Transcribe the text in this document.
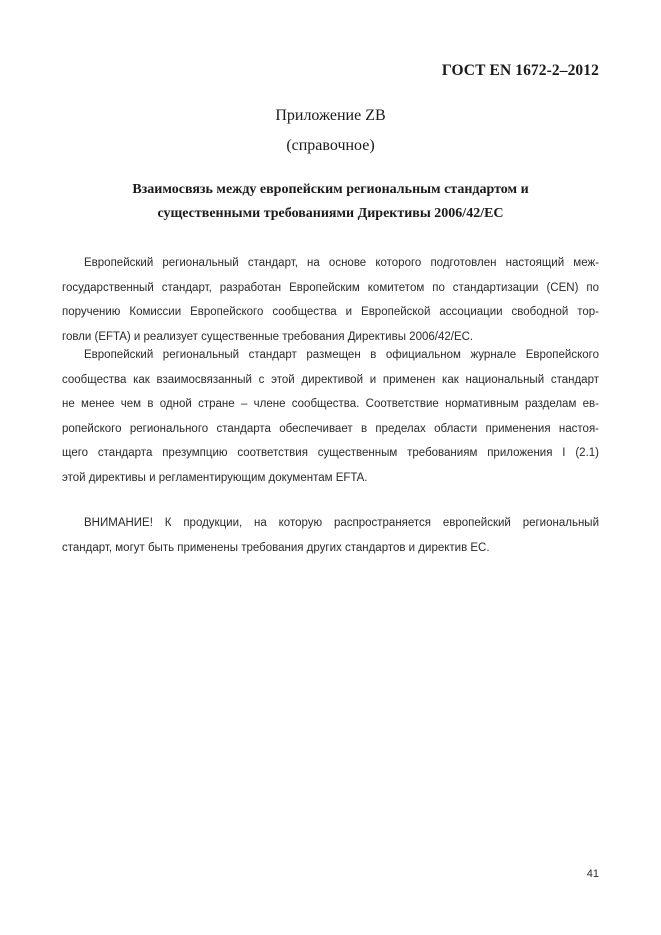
ГОСТ EN 1672-2–2012
Приложение ZB
(справочное)
Взаимосвязь между европейским региональным стандартом и
существенными требованиями Директивы 2006/42/ЕС
Европейский региональный стандарт, на основе которого подготовлен настоящий меж-
государственный стандарт, разработан Европейским комитетом по стандартизации (CEN) по
поручению Комиссии Европейского сообщества и Европейской ассоциации свободной тор-
говли (EFTA) и реализует существенные требования Директивы 2006/42/ЕС.
Европейский региональный стандарт размещен в официальном журнале Европейского
сообщества как взаимосвязанный с этой директивой и применен как национальный стандарт
не менее чем в одной стране – члене сообщества. Соответствие нормативным разделам ев-
ропейского регионального стандарта обеспечивает в пределах области применения настоя-
щего стандарта презумпцию соответствия существенным требованиям приложения I (2.1)
этой директивы и регламентирующим документам EFTA.
ВНИМАНИЕ! К продукции, на которую распространяется европейский региональный
стандарт, могут быть применены требования других стандартов и директив ЕС.
41
